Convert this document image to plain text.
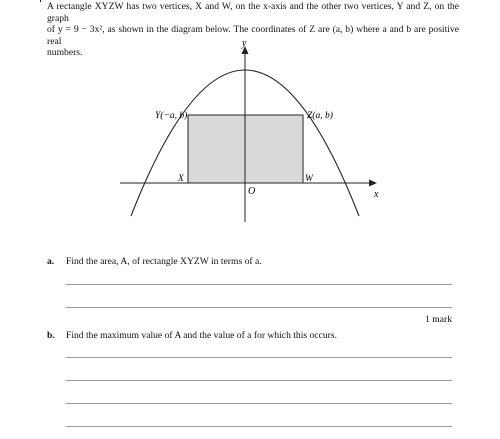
A rectangle XYZW has two vertices, X and W, on the x-axis and the other two vertices, Y and Z, on the graph
of y = 9 − 3x², as shown in the diagram below. The coordinates of Z are (a, b) where a and b are positive real
numbers.
y
x
O
Y(−a, b)	Z(a, b)
X	W
a. Find the area, A, of rectangle XYZW in terms of a.
1 mark
b. Find the maximum value of A and the value of a for which this occurs.
